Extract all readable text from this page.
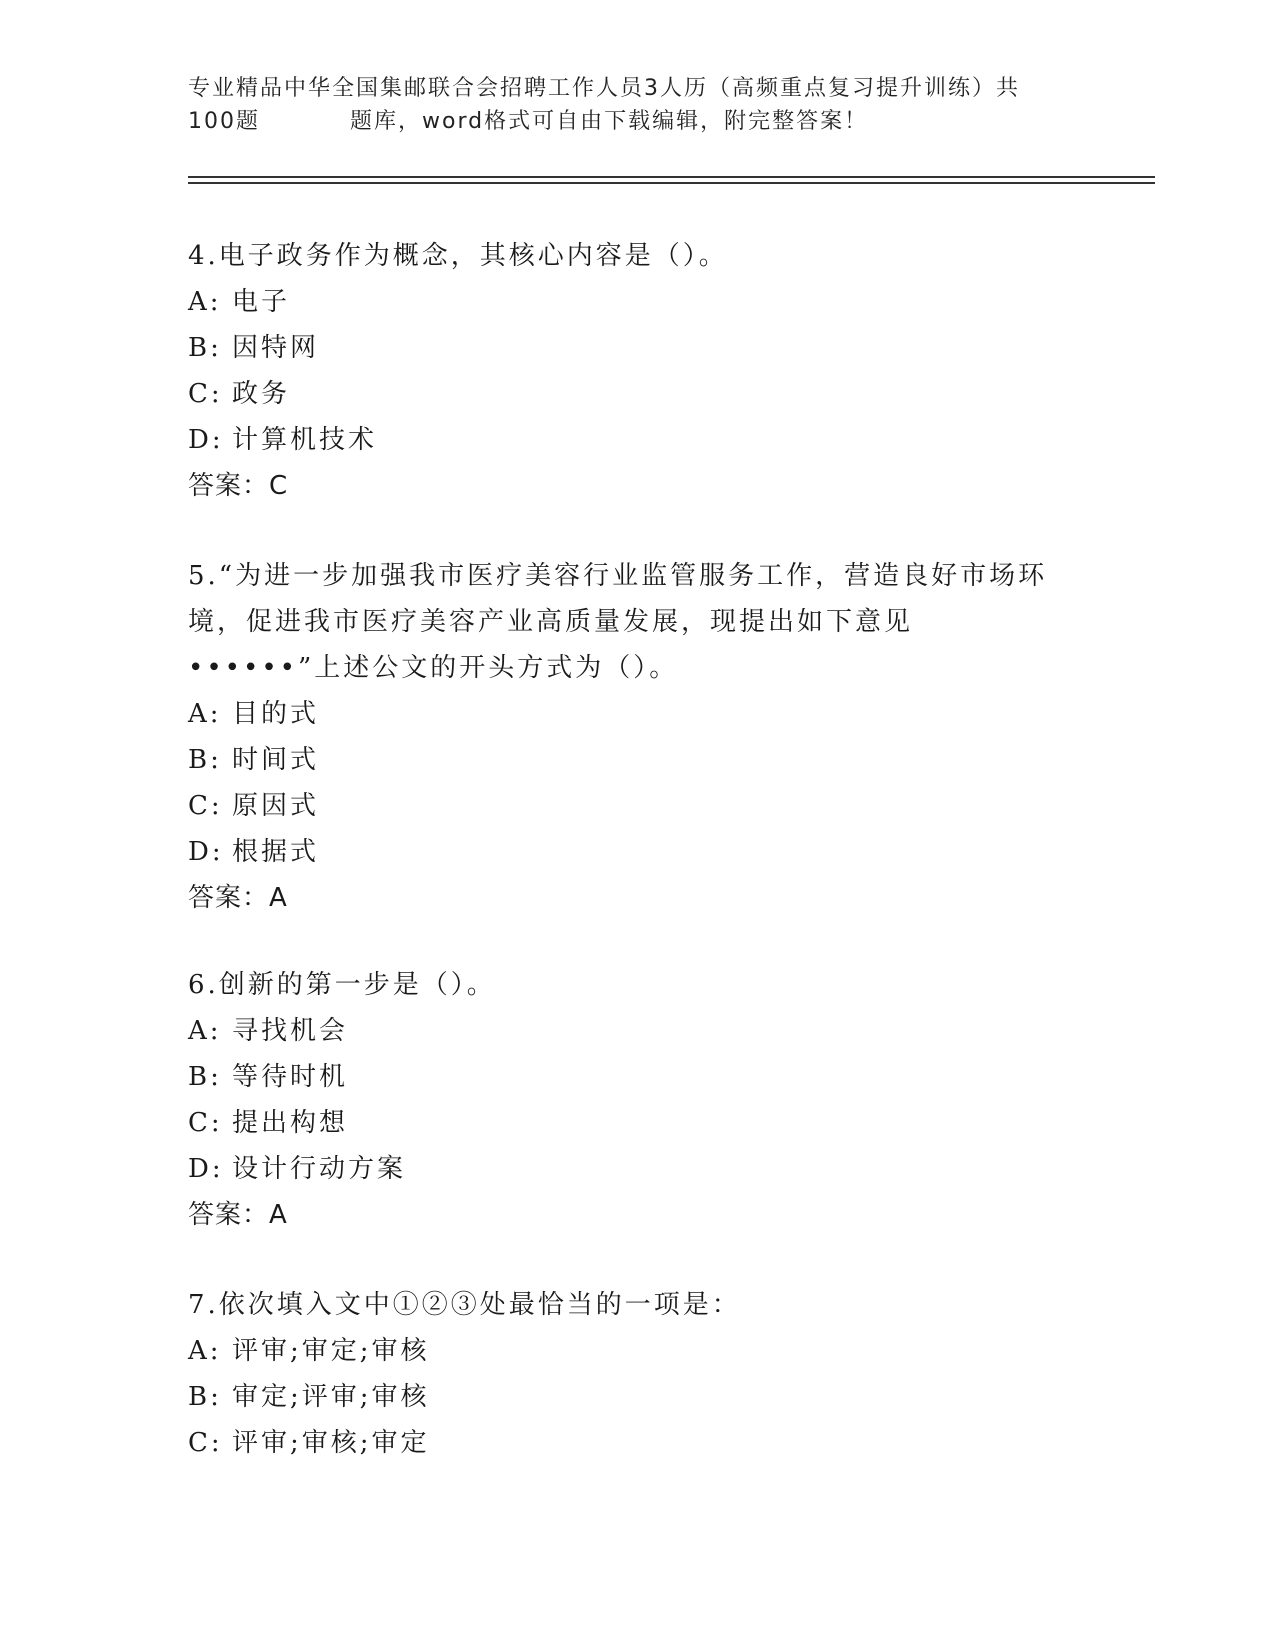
专业精品中华全国集邮联合会招聘工作人员3人历（高频重点复习提升训练）共
100题	题库，word格式可自由下载编辑，附完整答案！
4.电子政务作为概念，其核心内容是（）。
A: 电子
B: 因特网
C: 政务
D: 计算机技术
答案：C
5.“为进一步加强我市医疗美容行业监管服务工作，营造良好市场环
境，促进我市医疗美容产业高质量发展，现提出如下意见
••••••”上述公文的开头方式为（）。
A: 目的式
B: 时间式
C: 原因式
D: 根据式
答案：A
6.创新的第一步是（）。
A: 寻找机会
B: 等待时机
C: 提出构想
D: 设计行动方案
答案：A
7.依次填入文中①②③处最恰当的一项是：
A: 评审;审定;审核
B: 审定;评审;审核
C: 评审;审核;审定
